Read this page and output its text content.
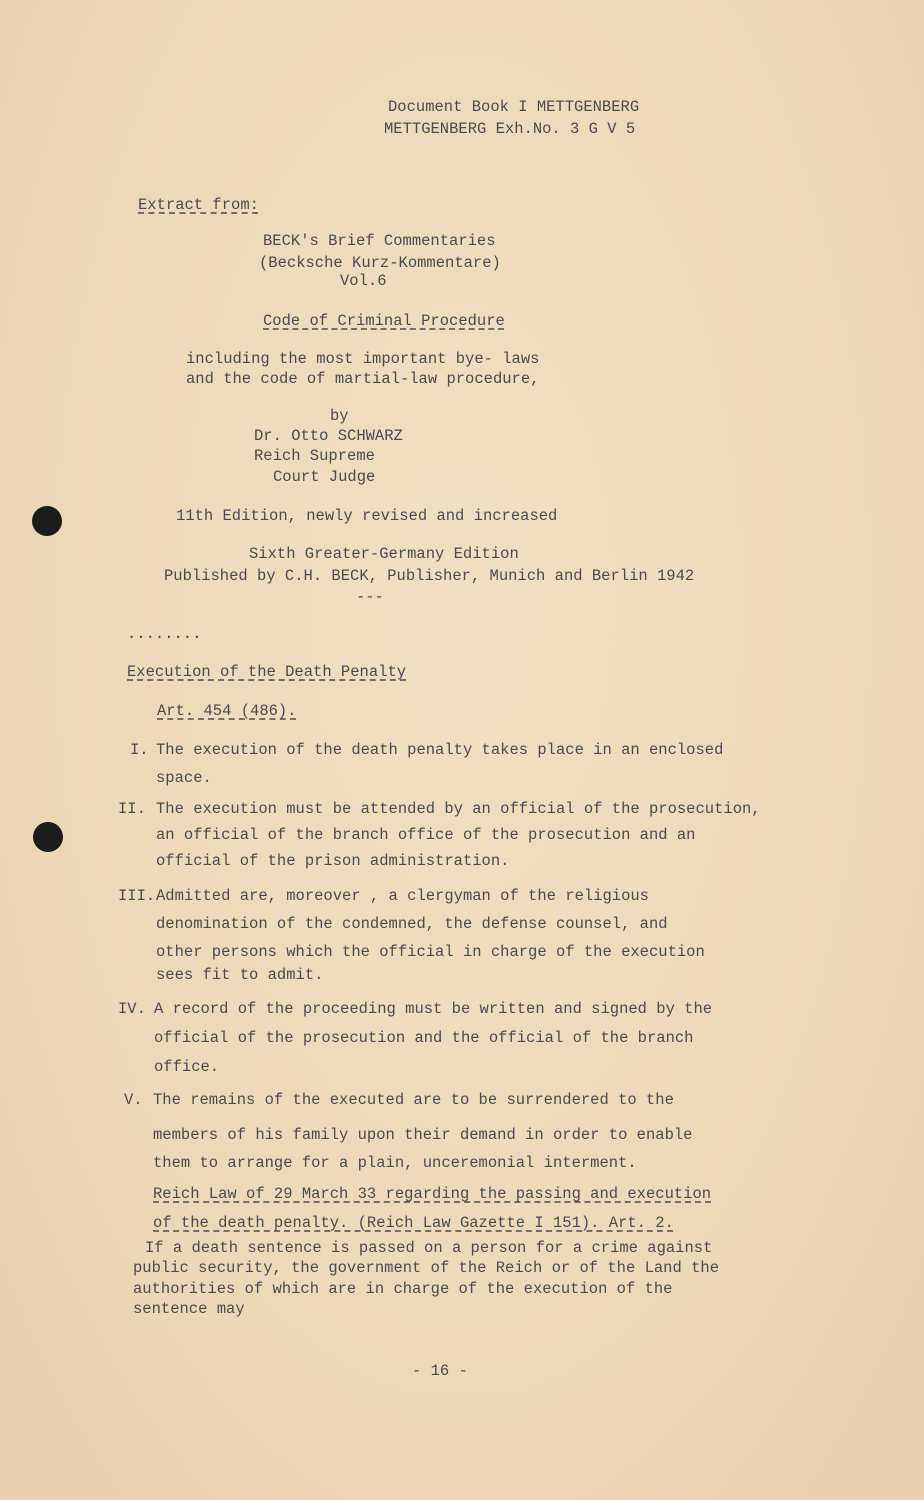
Document Book I METTGENBERG
METTGENBERG Exh.No. 3 G V 5
Extract from:
BECK's Brief Commentaries
(Becksche Kurz-Kommentare)
Vol.6
Code of Criminal Procedure
including the most important bye- laws
and the code of martial-law procedure,
by
Dr. Otto SCHWARZ
Reich Supreme
Court Judge
11th Edition, newly revised and increased
Sixth Greater-Germany Edition
Published by C.H. BECK, Publisher, Munich and Berlin 1942
---
........
Execution of the Death Penalty
Art. 454 (486).
I. The execution of the death penalty takes place in an enclosed
space.
II. The execution must be attended by an official of the prosecution,
an official of the branch office of the prosecution and an
official of the prison administration.
III. Admitted are, moreover , a clergyman of the religious
denomination of the condemned, the defense counsel, and
other persons which the official in charge of the execution
sees fit to admit.
IV. A record of the proceeding must be written and signed by the
official of the prosecution and the official of the branch
office.
V. The remains of the executed are to be surrendered to the
members of his family upon their demand in order to enable
them to arrange for a plain, unceremonial interment.
Reich Law of 29 March 33 regarding the passing and execution
of the death penalty. (Reich Law Gazette I 151). Art. 2.
If a death sentence is passed on a person for a crime against
public security, the government of the Reich or of the Land the
authorities of which are in charge of the execution of the
sentence may
- 16 -
